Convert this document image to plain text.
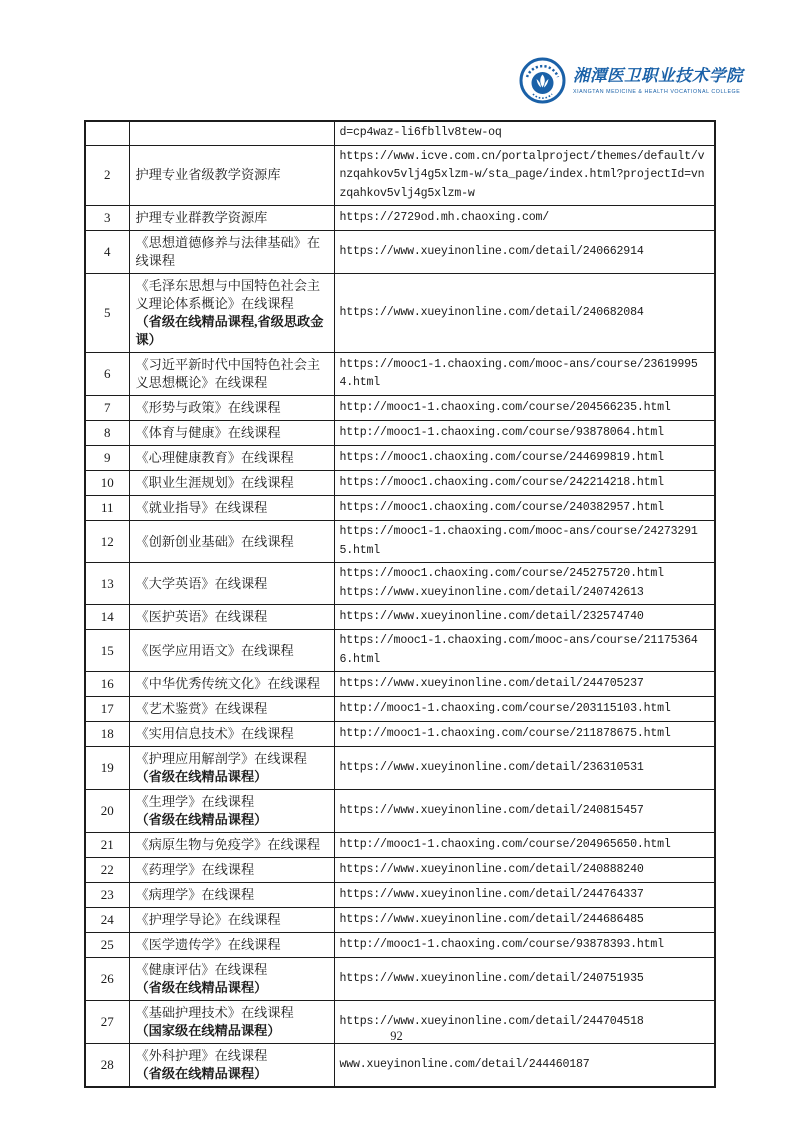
湘潭医卫职业技术学院
XIANGTAN MEDICINE & HEALTH VOCATIONAL COLLEGE

		d=cp4waz-li6fbllv8tew-oq

2	护理专业省级教学资源库	https://www.icve.com.cn/portalproject/themes/default/vnzqahkov5vlj4g5xlzm-w/sta_page/index.html?projectId=vnzqahkov5vlj4g5xlzm-w

3	护理专业群教学资源库	https://2729od.mh.chaoxing.com/

4	《思想道德修养与法律基础》在线课程	https://www.xueyinonline.com/detail/240662914

5	《毛泽东思想与中国特色社会主义理论体系概论》在线课程
（省级在线精品课程,省级思政金课）	https://www.xueyinonline.com/detail/240682084

6	《习近平新时代中国特色社会主义思想概论》在线课程	https://mooc1-1.chaoxing.com/mooc-ans/course/236199954.html

7	《形势与政策》在线课程	http://mooc1-1.chaoxing.com/course/204566235.html

8	《体育与健康》在线课程	http://mooc1-1.chaoxing.com/course/93878064.html

9	《心理健康教育》在线课程	https://mooc1.chaoxing.com/course/244699819.html

10	《职业生涯规划》在线课程	https://mooc1.chaoxing.com/course/242214218.html

11	《就业指导》在线课程	https://mooc1.chaoxing.com/course/240382957.html

12	《创新创业基础》在线课程	https://mooc1-1.chaoxing.com/mooc-ans/course/242732915.html

13	《大学英语》在线课程	https://mooc1.chaoxing.com/course/245275720.html
https://www.xueyinonline.com/detail/240742613

14	《医护英语》在线课程	https://www.xueyinonline.com/detail/232574740

15	《医学应用语文》在线课程	https://mooc1-1.chaoxing.com/mooc-ans/course/211753646.html

16	《中华优秀传统文化》在线课程	https://www.xueyinonline.com/detail/244705237

17	《艺术鉴赏》在线课程	http://mooc1-1.chaoxing.com/course/203115103.html

18	《实用信息技术》在线课程	http://mooc1-1.chaoxing.com/course/211878675.html

19	《护理应用解剖学》在线课程
（省级在线精品课程）	https://www.xueyinonline.com/detail/236310531

20	《生理学》在线课程
（省级在线精品课程）	https://www.xueyinonline.com/detail/240815457

21	《病原生物与免疫学》在线课程	http://mooc1-1.chaoxing.com/course/204965650.html

22	《药理学》在线课程	https://www.xueyinonline.com/detail/240888240

23	《病理学》在线课程	https://www.xueyinonline.com/detail/244764337

24	《护理学导论》在线课程	https://www.xueyinonline.com/detail/244686485

25	《医学遗传学》在线课程	http://mooc1-1.chaoxing.com/course/93878393.html

26	《健康评估》在线课程
（省级在线精品课程）	https://www.xueyinonline.com/detail/240751935

27	《基础护理技术》在线课程
（国家级在线精品课程）	https://www.xueyinonline.com/detail/244704518

28	《外科护理》在线课程
（省级在线精品课程）	www.xueyinonline.com/detail/244460187
92
